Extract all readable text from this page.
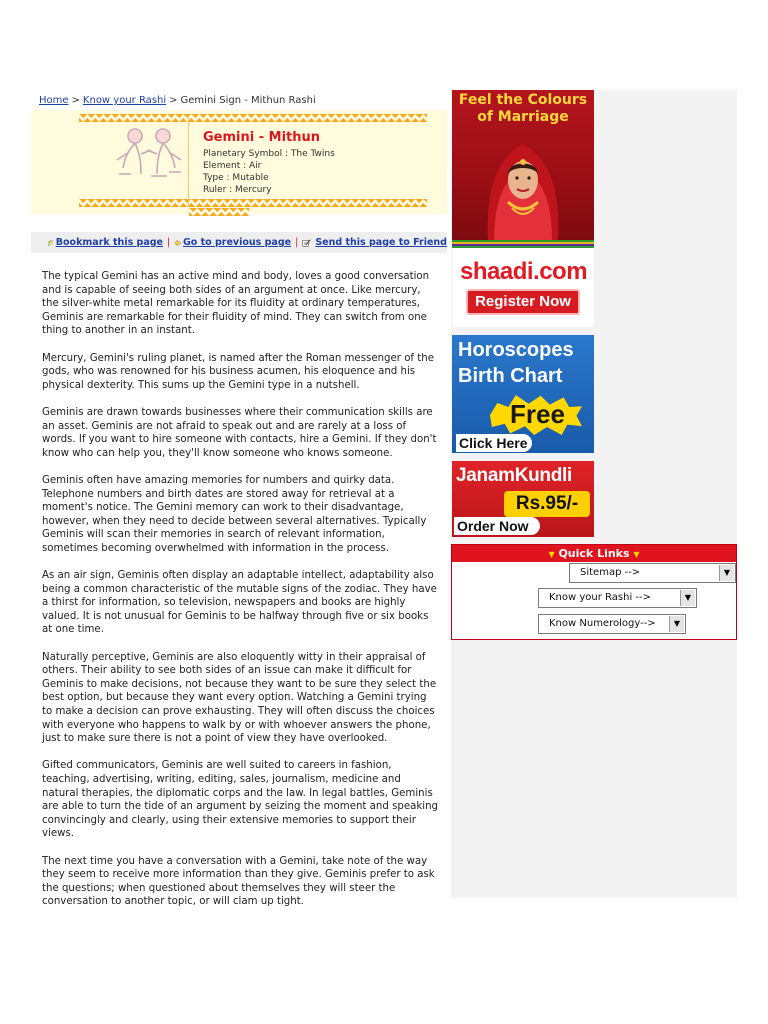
Home > Know your Rashi > Gemini Sign - Mithun Rashi
Gemini - Mithun
Planetary Symbol : The Twins
Element : Air
Type : Mutable
Ruler : Mercury
Bookmark this page | Go to previous page | Send this page to Friend

The typical Gemini has an active mind and body, loves a good conversation and is capable of seeing both sides of an argument at once. Like mercury, the silver-white metal remarkable for its fluidity at ordinary temperatures, Geminis are remarkable for their fluidity of mind. They can switch from one thing to another in an instant.

Mercury, Gemini's ruling planet, is named after the Roman messenger of the gods, who was renowned for his business acumen, his eloquence and his physical dexterity. This sums up the Gemini type in a nutshell.

Geminis are drawn towards businesses where their communication skills are an asset. Geminis are not afraid to speak out and are rarely at a loss of words. If you want to hire someone with contacts, hire a Gemini. If they don't know who can help you, they'll know someone who knows someone.

Geminis often have amazing memories for numbers and quirky data. Telephone numbers and birth dates are stored away for retrieval at a moment's notice. The Gemini memory can work to their disadvantage, however, when they need to decide between several alternatives. Typically Geminis will scan their memories in search of relevant information, sometimes becoming overwhelmed with information in the process.

As an air sign, Geminis often display an adaptable intellect, adaptability also being a common characteristic of the mutable signs of the zodiac. They have a thirst for information, so television, newspapers and books are highly valued. It is not unusual for Geminis to be halfway through five or six books at one time.

Naturally perceptive, Geminis are also eloquently witty in their appraisal of others. Their ability to see both sides of an issue can make it difficult for Geminis to make decisions, not because they want to be sure they select the best option, but because they want every option. Watching a Gemini trying to make a decision can prove exhausting. They will often discuss the choices with everyone who happens to walk by or with whoever answers the phone, just to make sure there is not a point of view they have overlooked.

Gifted communicators, Geminis are well suited to careers in fashion, teaching, advertising, writing, editing, sales, journalism, medicine and natural therapies, the diplomatic corps and the law. In legal battles, Geminis are able to turn the tide of an argument by seizing the moment and speaking convincingly and clearly, using their extensive memories to support their views.

The next time you have a conversation with a Gemini, take note of the way they seem to receive more information than they give. Geminis prefer to ask the questions; when questioned about themselves they will steer the conversation to another topic, or will clam up tight.

Feel the Colours
of Marriage
shaadi.com
Register Now
Horoscopes
Birth Chart
Free
Click Here
JanamKundli
Rs.95/-
Order Now
▼ Quick Links ▼
Sitemap -->	▼
Know your Rashi -->	▼
Know Numerology-->	▼
